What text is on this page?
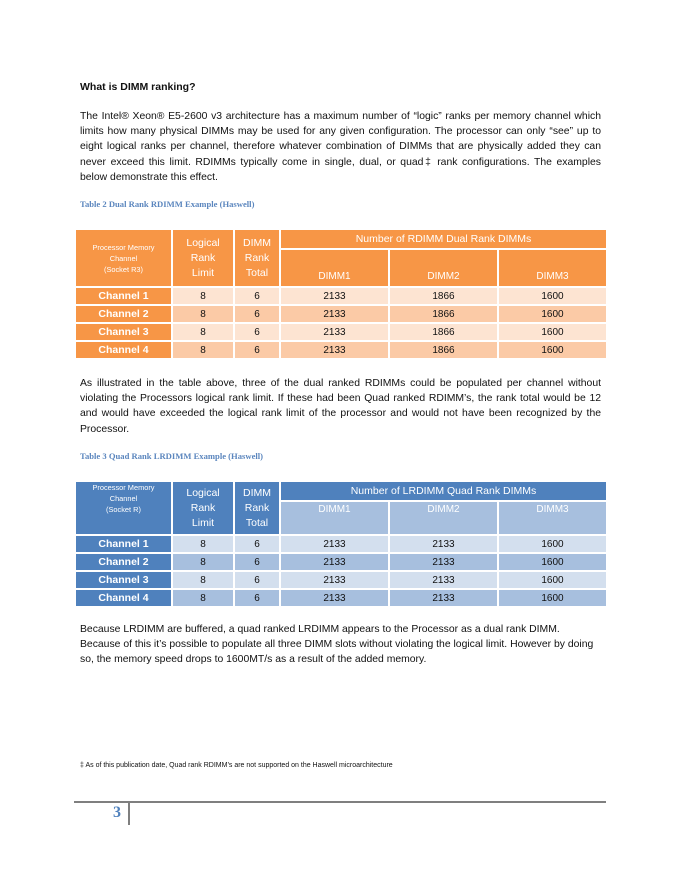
What is DIMM ranking?
The Intel® Xeon® E5-2600 v3 architecture has a maximum number of “logic” ranks per memory channel which limits how many physical DIMMs may be used for any given configuration. The processor can only “see” up to eight logical ranks per channel, therefore whatever combination of DIMMs that are physically added they can never exceed this limit. RDIMMs typically come in single, dual, or quad‡ rank configurations. The examples below demonstrate this effect.
Table 2 Dual Rank RDIMM Example (Haswell)
Processor Memory
Channel
(Socket R3)

Logical
Rank
Limit

DIMM
Rank
Total
	Number of RDIMM Dual Rank DIMMs
			DIMM1	DIMM2	DIMM3
Channel 1	8	6	2133	1866	1600
Channel 2	8	6	2133	1866	1600
Channel 3	8	6	2133	1866	1600
Channel 4	8	6	2133	1866	1600
As illustrated in the table above, three of the dual ranked RDIMMs could be populated per channel without violating the Processors logical rank limit. If these had been Quad ranked RDIMM’s, the rank total would be 12 and would have exceeded the logical rank limit of the processor and would not have been recognized by the Processor.
Table 3 Quad Rank LRDIMM Example (Haswell)
Processor Memory
Channel
(Socket R)

Logical
Rank
Limit

DIMM
Rank
Total
	Number of LRDIMM Quad Rank DIMMs
			DIMM1	DIMM2	DIMM3
Channel 1	8	6	2133	2133	1600
Channel 2	8	6	2133	2133	1600
Channel 3	8	6	2133	2133	1600
Channel 4	8	6	2133	2133	1600
Because LRDIMM are buffered, a quad ranked LRDIMM appears to the Processor as a dual rank DIMM. Because of this it’s possible to populate all three DIMM slots without violating the logical limit. However by doing so, the memory speed drops to 1600MT/s as a result of the added memory.
‡ As of this publication date, Quad rank RDIMM’s are not supported on the Haswell microarchitecture
3
